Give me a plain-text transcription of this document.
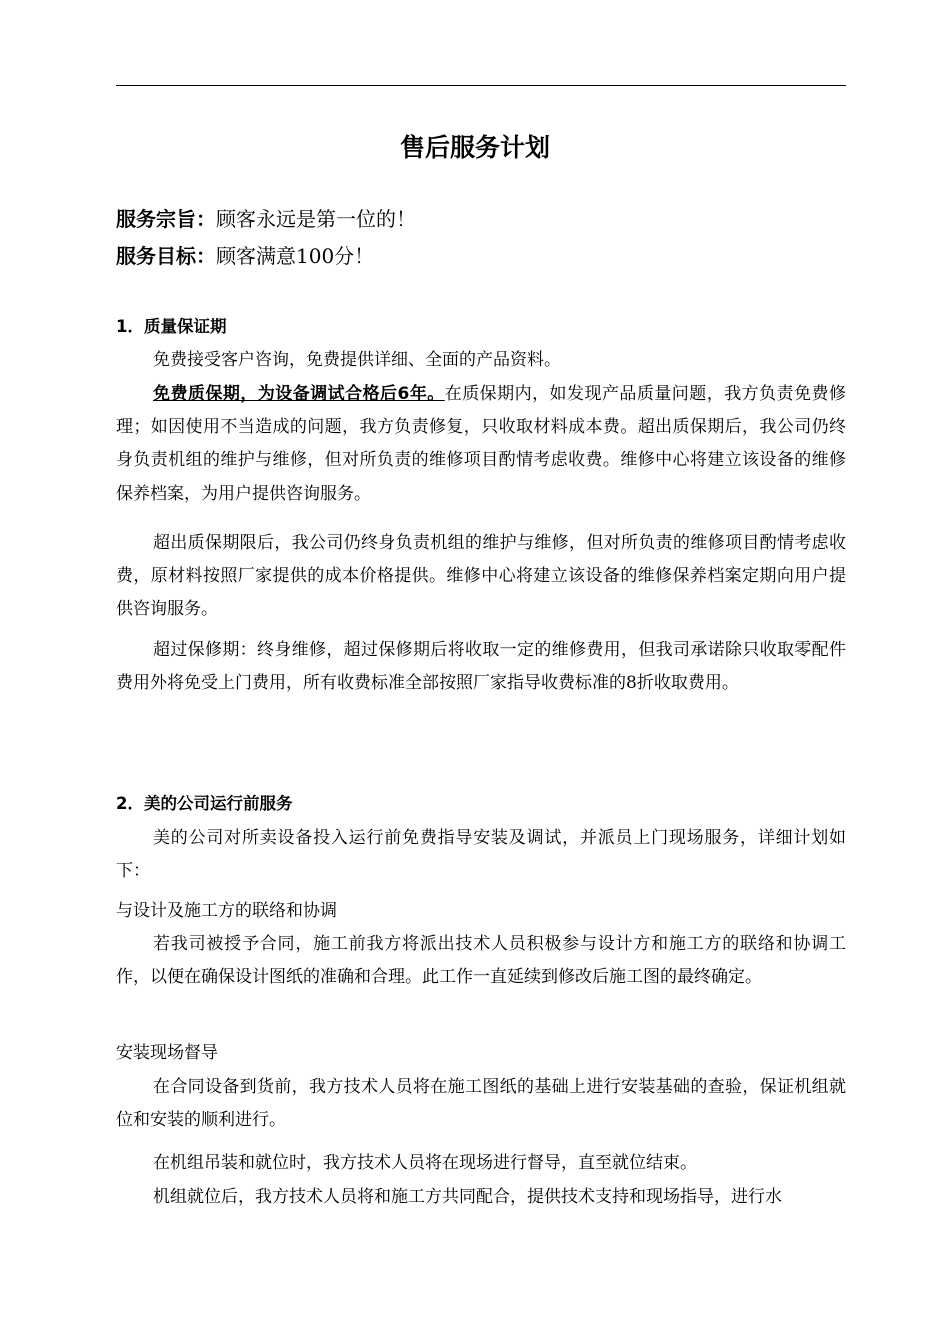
售后服务计划
服务宗旨：顾客永远是第一位的！
服务目标：顾客满意100分！
1．质量保证期

免费接受客户咨询，免费提供详细、全面的产品资料。

免费质保期，为设备调试合格后6年。在质保期内，如发现产品质量问题，我方负责免费修理；如因使用不当造成的问题，我方负责修复，只收取材料成本费。超出质保期后，我公司仍终身负责机组的维护与维修，但对所负责的维修项目酌情考虑收费。维修中心将建立该设备的维修保养档案，为用户提供咨询服务。

超出质保期限后，我公司仍终身负责机组的维护与维修，但对所负责的维修项目酌情考虑收费，原材料按照厂家提供的成本价格提供。维修中心将建立该设备的维修保养档案定期向用户提供咨询服务。

超过保修期：终身维修，超过保修期后将收取一定的维修费用，但我司承诺除只收取零配件费用外将免受上门费用，所有收费标准全部按照厂家指导收费标准的8折收取费用。

2．美的公司运行前服务

美的公司对所卖设备投入运行前免费指导安装及调试，并派员上门现场服务，详细计划如下：

与设计及施工方的联络和协调

若我司被授予合同，施工前我方将派出技术人员积极参与设计方和施工方的联络和协调工作，以便在确保设计图纸的准确和合理。此工作一直延续到修改后施工图的最终确定。

安装现场督导

在合同设备到货前，我方技术人员将在施工图纸的基础上进行安装基础的查验，保证机组就位和安装的顺利进行。

在机组吊装和就位时，我方技术人员将在现场进行督导，直至就位结束。

机组就位后，我方技术人员将和施工方共同配合，提供技术支持和现场指导，进行水
